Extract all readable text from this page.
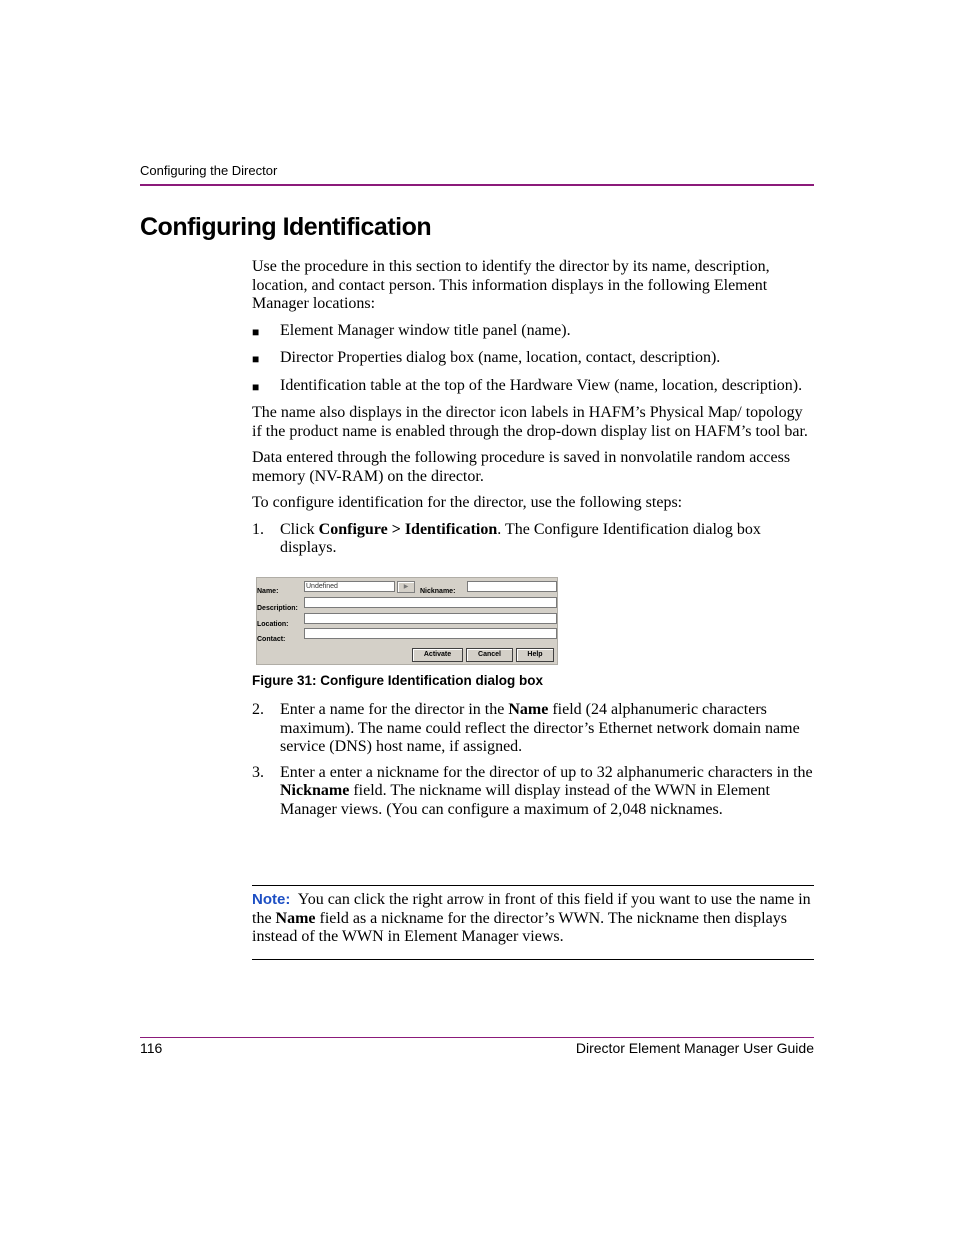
Configuring the Director
Configuring Identification

Use the procedure in this section to identify the director by its name, description, location, and contact person. This information displays in the following Element Manager locations:

■	Element Manager window title panel (name).
■	Director Properties dialog box (name, location, contact, description).
■	Identification table at the top of the Hardware View (name, location, description).

The name also displays in the director icon labels in HAFM’s Physical Map/ topology if the product name is enabled through the drop-down display list on HAFM’s tool bar.

Data entered through the following procedure is saved in nonvolatile random access memory (NV-RAM) on the director.

To configure identification for the director, use the following steps:

1.	Click Configure > Identification. The Configure Identification dialog box displays.
Name:
Undefined	▶
Nickname:
Description:
Location:
Contact:
Activate	Cancel	Help
Figure 31: Configure Identification dialog box
2.	Enter a name for the director in the Name field (24 alphanumeric characters maximum). The name could reflect the director’s Ethernet network domain name service (DNS) host name, if assigned.
3.	Enter a enter a nickname for the director of up to 32 alphanumeric characters in the Nickname field. The nickname will display instead of the WWN in Element Manager views. (You can configure a maximum of 2,048 nicknames.
Note: You can click the right arrow in front of this field if you want to use the name in the Name field as a nickname for the director’s WWN. The nickname then displays instead of the WWN in Element Manager views.
116	Director Element Manager User Guide
